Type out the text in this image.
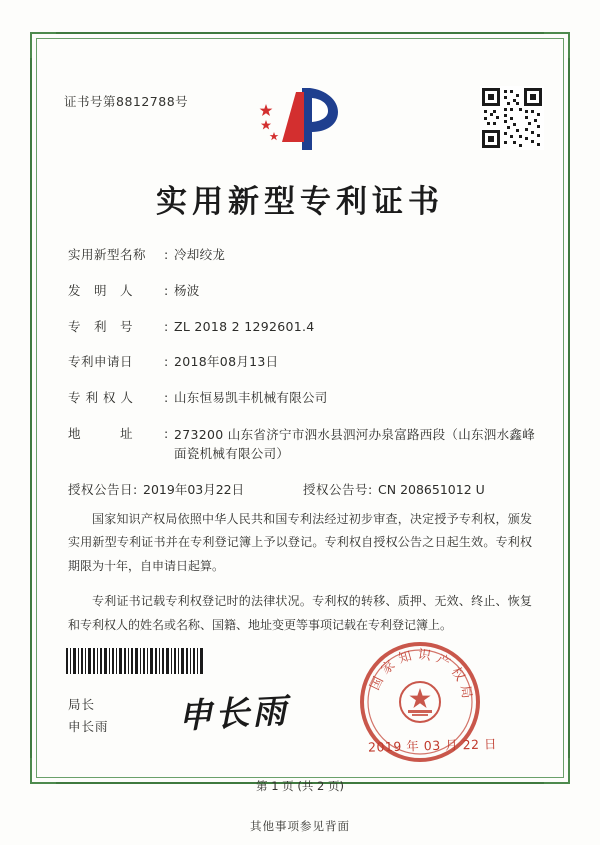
证书号第8812788号
实用新型专利证书
实用新型名称	: 冷却绞龙
发　明　人	: 杨波
专　利　号	: ZL 2018 2 1292601.4
专利申请日	: 2018年08月13日
专 利 权 人	: 山东恒易凯丰机械有限公司
地　　　址	: 273200 山东省济宁市泗水县泗河办泉富路西段（山东泗水鑫峰面瓷机械有限公司）
授权公告日 : 2019年03月22日	授权公告号 : CN 208651012 U

国家知识产权局依照中华人民共和国专利法经过初步审查，决定授予专利权，颁发实用新型专利证书并在专利登记簿上予以登记。专利权自授权公告之日起生效。专利权期限为十年，自申请日起算。

专利证书记载专利权登记时的法律状况。专利权的转移、质押、无效、终止、恢复和专利权人的姓名或名称、国籍、地址变更等事项记载在专利登记簿上。

局长
申长雨 申长雨
国家知识产权局
2019 年 03 月 22 日
第 1 页 (共 2 页)
其他事项参见背面
